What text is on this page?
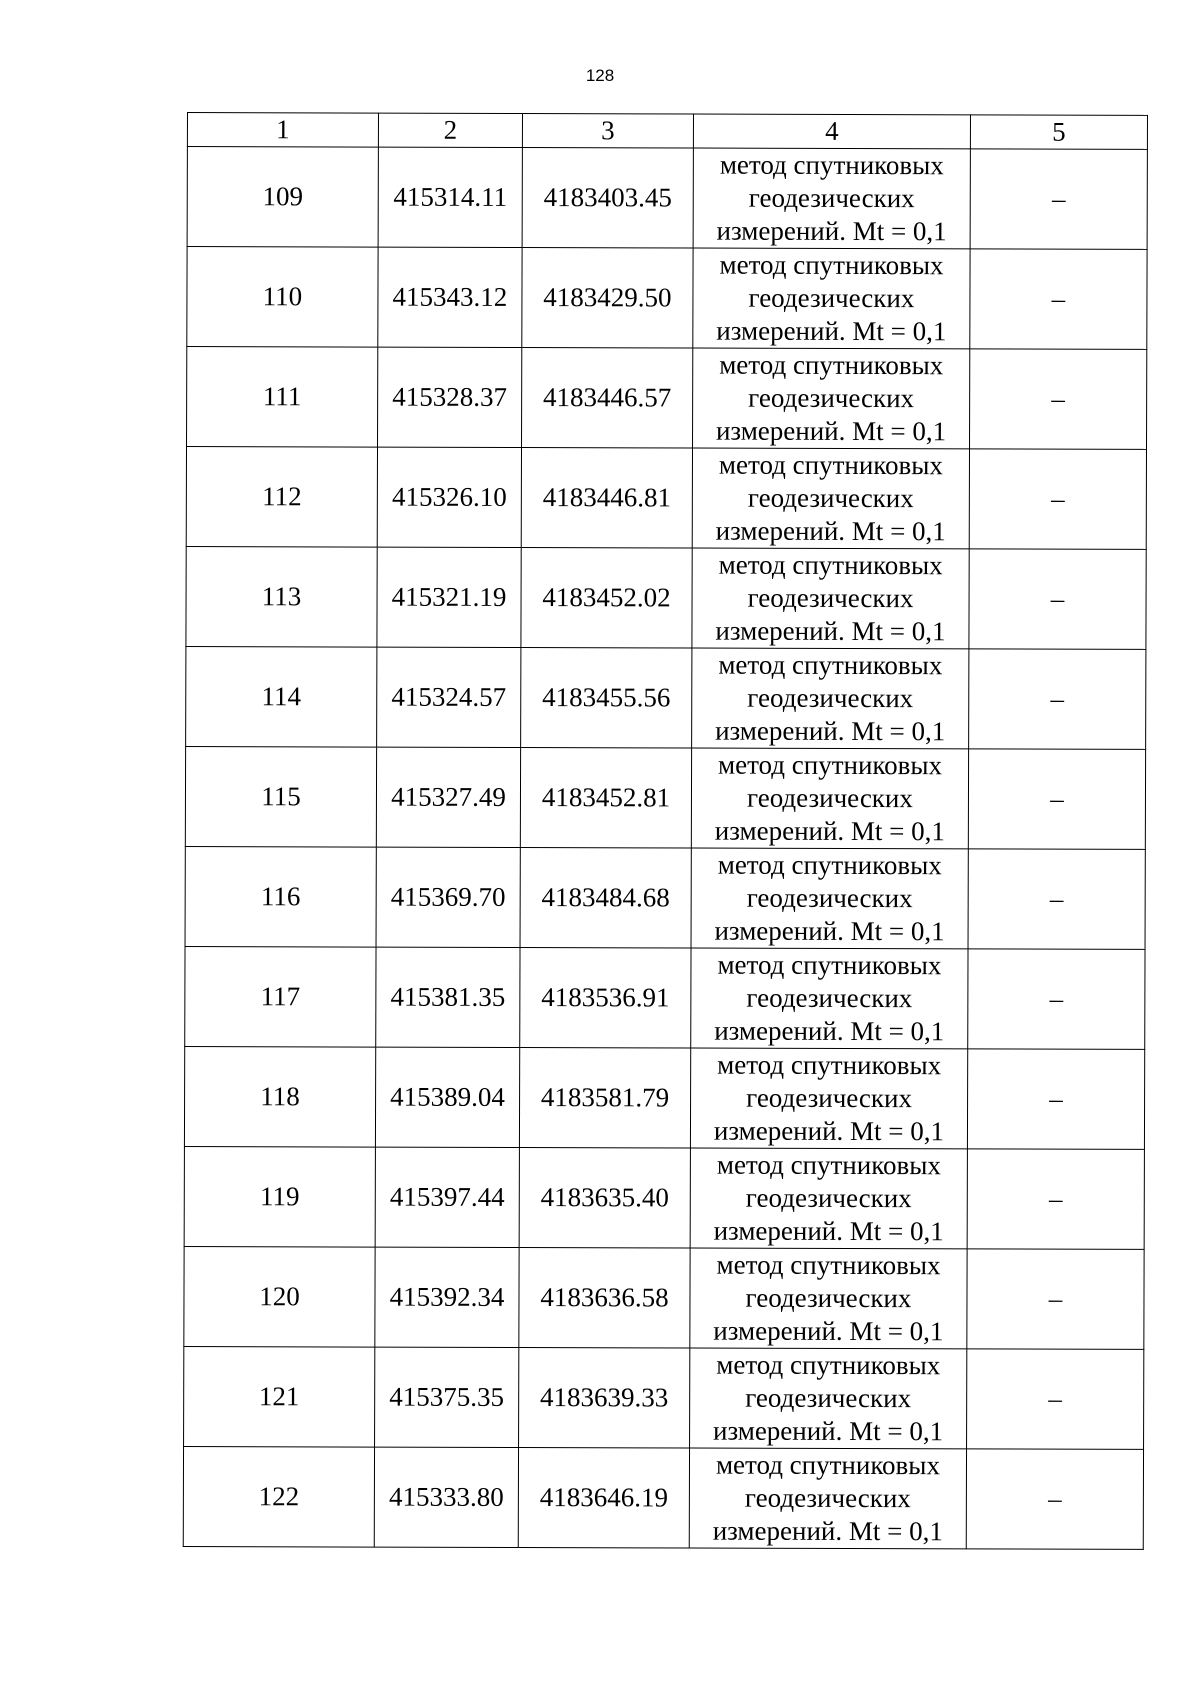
128
1	2	3	4	5
109	415314.11	4183403.45	метод спутниковых
геодезических
измерений. Mt = 0,1	–
110	415343.12	4183429.50	метод спутниковых
геодезических
измерений. Mt = 0,1	–
111	415328.37	4183446.57	метод спутниковых
геодезических
измерений. Mt = 0,1	–
112	415326.10	4183446.81	метод спутниковых
геодезических
измерений. Mt = 0,1	–
113	415321.19	4183452.02	метод спутниковых
геодезических
измерений. Mt = 0,1	–
114	415324.57	4183455.56	метод спутниковых
геодезических
измерений. Mt = 0,1	–
115	415327.49	4183452.81	метод спутниковых
геодезических
измерений. Mt = 0,1	–
116	415369.70	4183484.68	метод спутниковых
геодезических
измерений. Mt = 0,1	–
117	415381.35	4183536.91	метод спутниковых
геодезических
измерений. Mt = 0,1	–
118	415389.04	4183581.79	метод спутниковых
геодезических
измерений. Mt = 0,1	–
119	415397.44	4183635.40	метод спутниковых
геодезических
измерений. Mt = 0,1	–
120	415392.34	4183636.58	метод спутниковых
геодезических
измерений. Mt = 0,1	–
121	415375.35	4183639.33	метод спутниковых
геодезических
измерений. Mt = 0,1	–
122	415333.80	4183646.19	метод спутниковых
геодезических
измерений. Mt = 0,1	–
